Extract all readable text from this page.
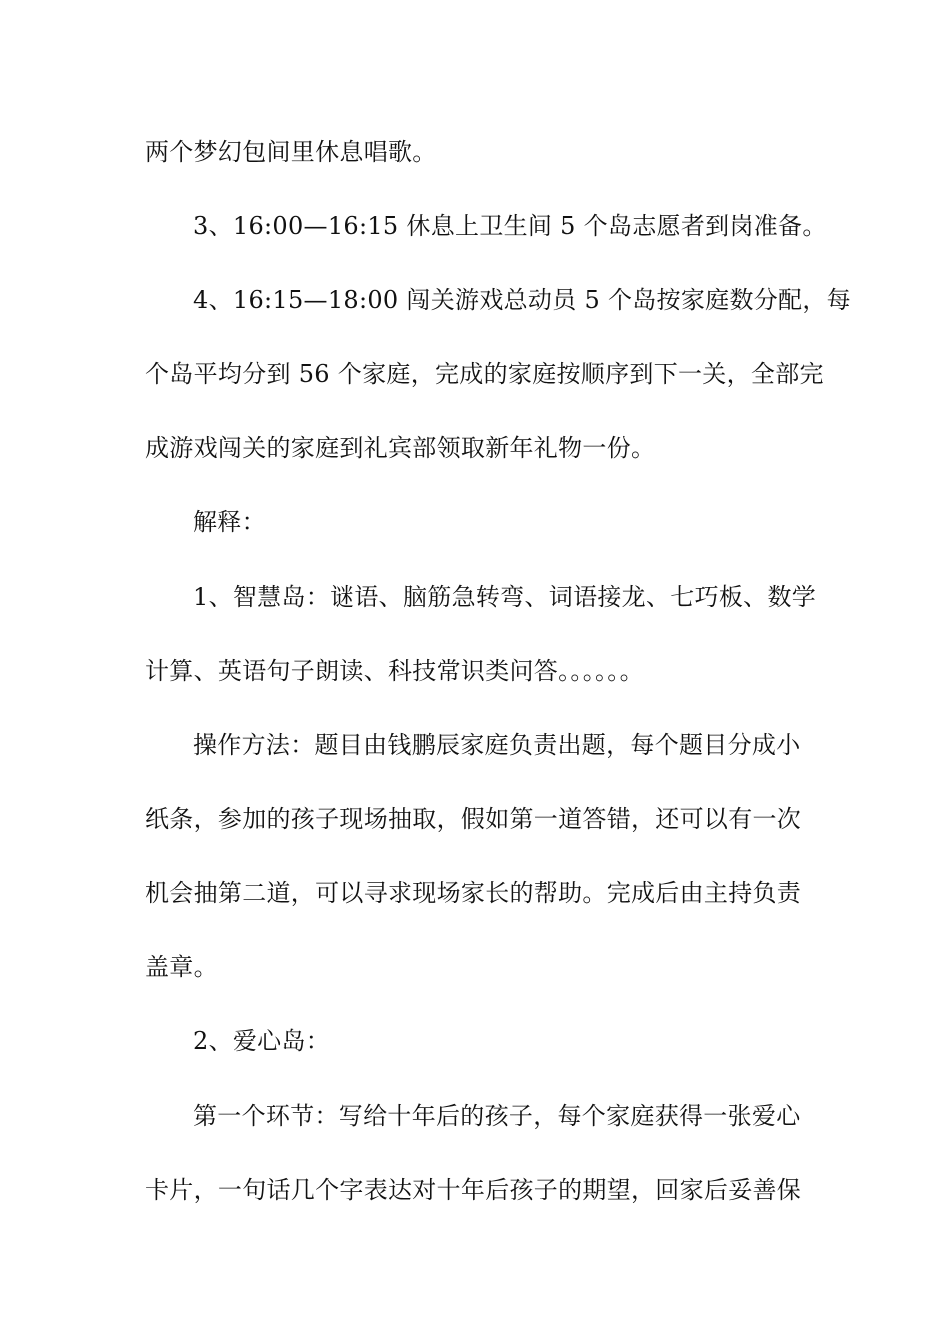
两个梦幻包间里休息唱歌。
3、16:00—16:15 休息上卫生间 5 个岛志愿者到岗准备。
4、16:15—18:00 闯关游戏总动员 5 个岛按家庭数分配，每
个岛平均分到 56 个家庭，完成的家庭按顺序到下一关，全部完
成游戏闯关的家庭到礼宾部领取新年礼物一份。
解释：
1、智慧岛：谜语、脑筋急转弯、词语接龙、七巧板、数学
计算、英语句子朗读、科技常识类问答。。。。。。
操作方法：题目由钱鹏辰家庭负责出题，每个题目分成小
纸条，参加的孩子现场抽取，假如第一道答错，还可以有一次
机会抽第二道，可以寻求现场家长的帮助。完成后由主持负责
盖章。
2、爱心岛：
第一个环节：写给十年后的孩子，每个家庭获得一张爱心
卡片，一句话几个字表达对十年后孩子的期望，回家后妥善保
